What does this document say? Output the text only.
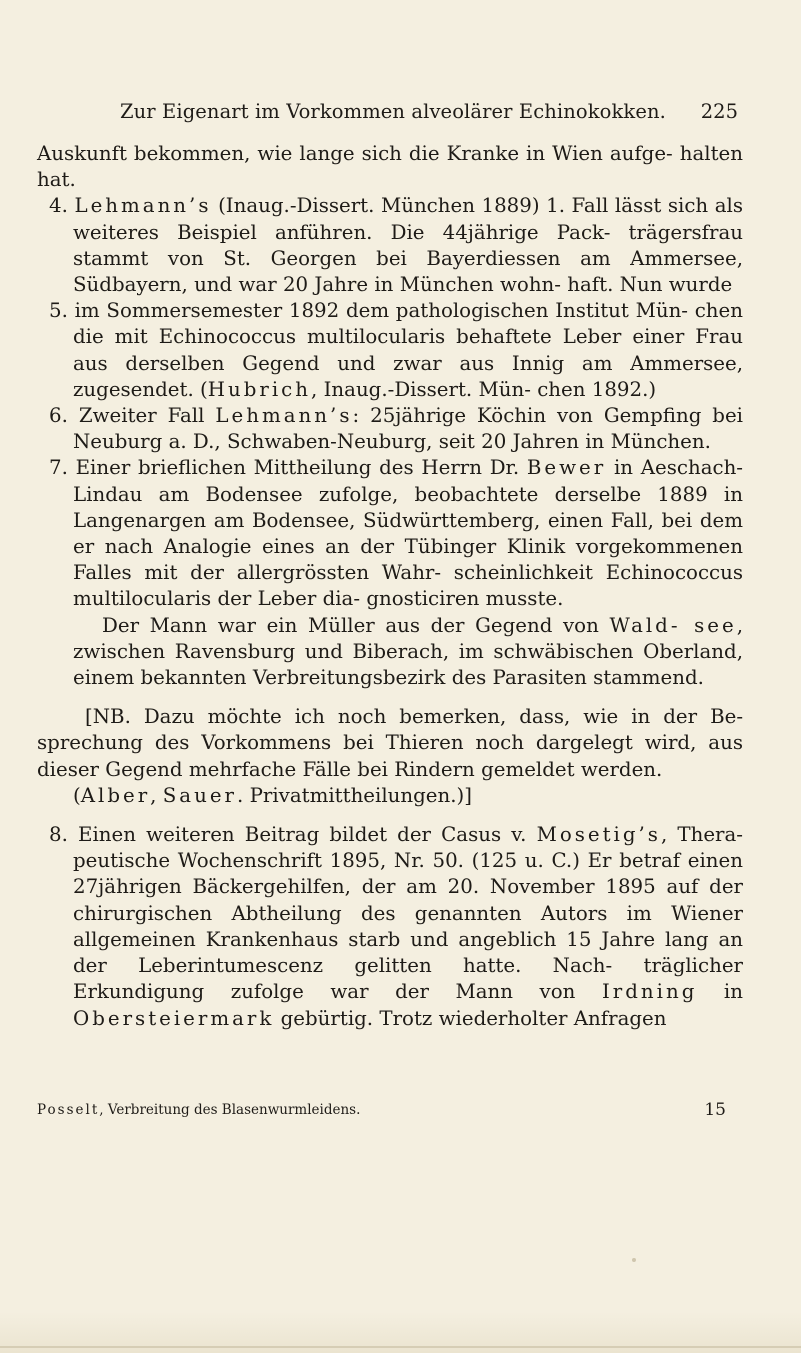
Zur Eigenart im Vorkommen alveolärer Echinokokken. 225

Auskunft bekommen, wie lange sich die Kranke in Wien aufge- halten hat.

4. Lehmann’s (Inaug.-Dissert. München 1889) 1. Fall lässt sich als weiteres Beispiel anführen. Die 44jährige Pack- trägersfrau stammt von St. Georgen bei Bayerdiessen am Ammersee, Südbayern, und war 20 Jahre in München wohn- haft. Nun wurde

5. im Sommersemester 1892 dem pathologischen Institut Mün- chen die mit Echinococcus multilocularis behaftete Leber einer Frau aus derselben Gegend und zwar aus Innig am Ammersee, zugesendet. (Hubrich, Inaug.-Dissert. Mün- chen 1892.)

6. Zweiter Fall Lehmann’s: 25jährige Köchin von Gempfing bei Neuburg a. D., Schwaben-Neuburg, seit 20 Jahren in München.

7. Einer brieflichen Mittheilung des Herrn Dr. Bewer in Aeschach-Lindau am Bodensee zufolge, beobachtete derselbe 1889 in Langenargen am Bodensee, Südwürttemberg, einen Fall, bei dem er nach Analogie eines an der Tübinger Klinik vorgekommenen Falles mit der allergrössten Wahr- scheinlichkeit Echinococcus multilocularis der Leber dia- gnosticiren musste.

Der Mann war ein Müller aus der Gegend von Wald- see, zwischen Ravensburg und Biberach, im schwäbischen Oberland, einem bekannten Verbreitungsbezirk des Parasiten stammend.

[NB. Dazu möchte ich noch bemerken, dass, wie in der Be- sprechung des Vorkommens bei Thieren noch dargelegt wird, aus dieser Gegend mehrfache Fälle bei Rindern gemeldet werden.

(Alber, Sauer. Privatmittheilungen.)]

8. Einen weiteren Beitrag bildet der Casus v. Mosetig’s, Thera- peutische Wochenschrift 1895, Nr. 50. (125 u. C.) Er betraf einen 27jährigen Bäckergehilfen, der am 20. November 1895 auf der chirurgischen Abtheilung des genannten Autors im Wiener allgemeinen Krankenhaus starb und angeblich 15 Jahre lang an der Leberintumescenz gelitten hatte. Nach- träglicher Erkundigung zufolge war der Mann von Irdning in Obersteiermark gebürtig. Trotz wiederholter Anfragen

Posselt, Verbreitung des Blasenwurmleidens.	15
